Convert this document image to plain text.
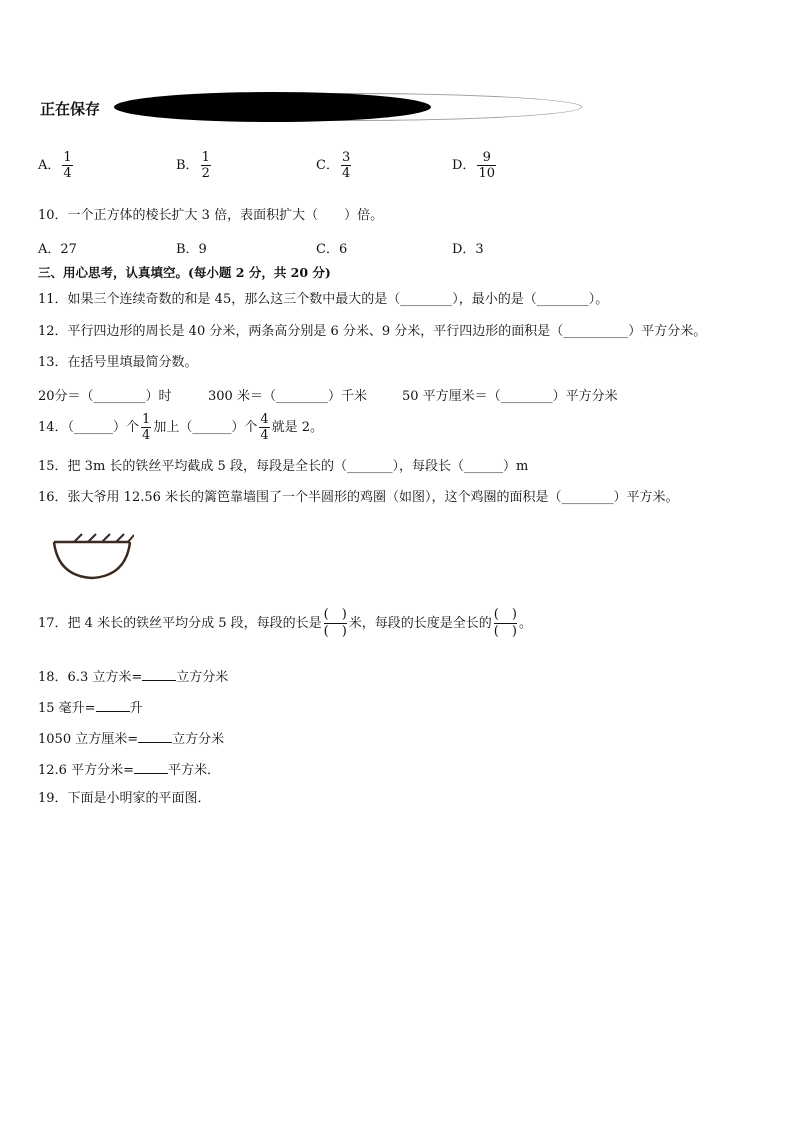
正在保存
A． $\frac{1}{4}$	B． $\frac{1}{2}$	C． $\frac{3}{4}$	D． $\frac{9}{10}$
10．一个正方体的棱长扩大 3 倍，表面积扩大（　　）倍。
A．27	B．9	C．6	D．3
三、用心思考，认真填空。(每小题 2 分，共 20 分)
11．如果三个连续奇数的和是 45，那么这三个数中最大的是（________），最小的是（________）。
12．平行四边形的周长是 40 分米，两条高分别是 6 分米、9 分米，平行四边形的面积是（__________）平方分米。
13．在括号里填最简分数。
20分＝（________）时	300 米＝（________）千米	50 平方厘米＝（________）平方分米
14．（______）个 $\frac{1}{4}$ 加上（______）个 $\frac{4}{4}$ 就是 2。
15．把 3m 长的铁丝平均截成 5 段，每段是全长的（_______），每段长（______）m
16．张大爷用 12.56 米长的篱笆靠墙围了一个半圆形的鸡圈（如图），这个鸡圈的面积是（________）平方米。
17．把 4 米长的铁丝平均分成 5 段，每段的长是 $\frac{( )}{( )}$ 米，每段的长度是全长的 $\frac{( )}{( )}$ 。
18．6.3 立方米=	立方分米
15 毫升=	升
1050 立方厘米=	立方分米
12.6 平方分米=	平方米．
19．下面是小明家的平面图．
